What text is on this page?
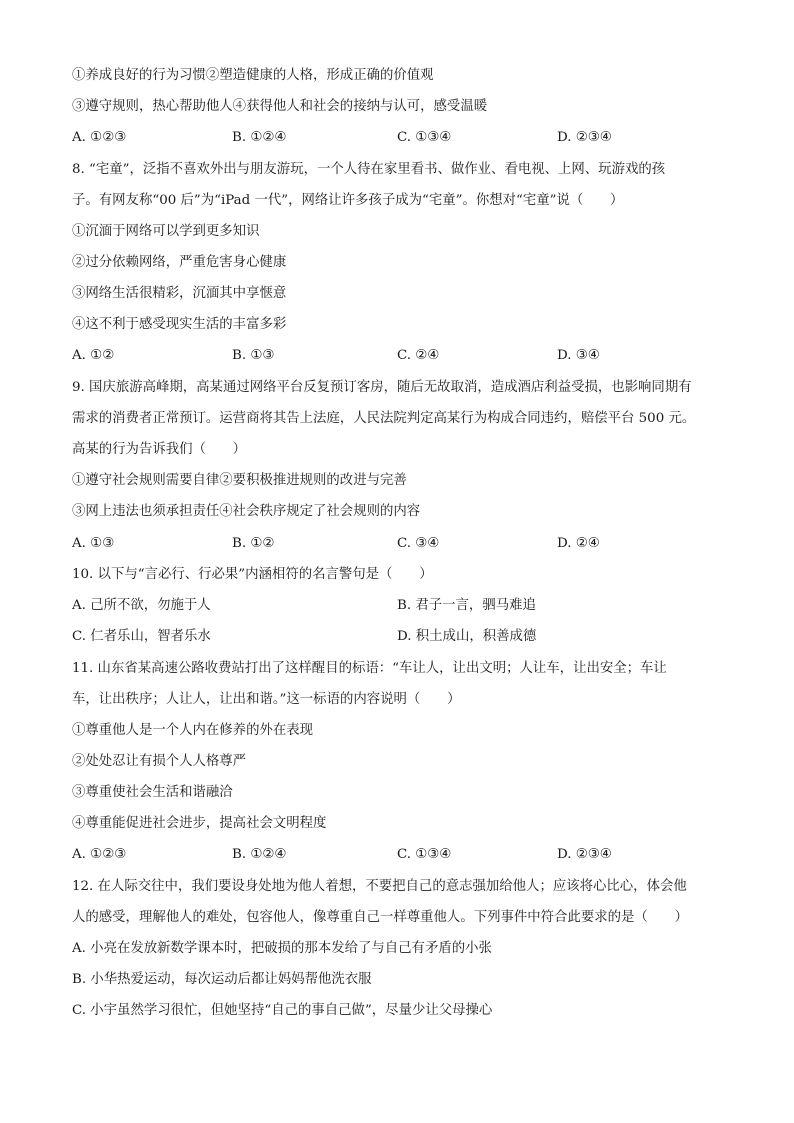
①养成良好的行为习惯②塑造健康的人格，形成正确的价值观
③遵守规则，热心帮助他人④获得他人和社会的接纳与认可，感受温暖
A. ①②③	B. ①②④	C. ①③④	D. ②③④
8. “宅童”，泛指不喜欢外出与朋友游玩，一个人待在家里看书、做作业、看电视、上网、玩游戏的孩
子。有网友称“00 后”为“iPad 一代”，网络让许多孩子成为“宅童”。你想对“宅童”说（　　）
①沉湎于网络可以学到更多知识
②过分依赖网络，严重危害身心健康
③网络生活很精彩，沉湎其中享惬意
④这不利于感受现实生活的丰富多彩
A. ①②	B. ①③	C. ②④	D. ③④
9. 国庆旅游高峰期，高某通过网络平台反复预订客房，随后无故取消，造成酒店利益受损，也影响同期有
需求的消费者正常预订。运营商将其告上法庭，人民法院判定高某行为构成合同违约，赔偿平台 500 元。
高某的行为告诉我们（　　）
①遵守社会规则需要自律②要积极推进规则的改进与完善
③网上违法也须承担责任④社会秩序规定了社会规则的内容
A. ①③	B. ①②	C. ③④	D. ②④
10. 以下与“言必行、行必果”内涵相符的名言警句是（　　）
A. 己所不欲，勿施于人	B. 君子一言，驷马难追
C. 仁者乐山，智者乐水	D. 积土成山，积善成德
11. 山东省某高速公路收费站打出了这样醒目的标语：“车让人，让出文明；人让车，让出安全；车让
车，让出秩序；人让人，让出和谐。”这一标语的内容说明（　　）
①尊重他人是一个人内在修养的外在表现
②处处忍让有损个人人格尊严
③尊重使社会生活和谐融洽
④尊重能促进社会进步，提高社会文明程度
A. ①②③	B. ①②④	C. ①③④	D. ②③④
12. 在人际交往中，我们要设身处地为他人着想，不要把自己的意志强加给他人；应该将心比心，体会他
人的感受，理解他人的难处，包容他人，像尊重自己一样尊重他人。下列事件中符合此要求的是（　　）
A. 小亮在发放新数学课本时，把破损的那本发给了与自己有矛盾的小张
B. 小华热爱运动，每次运动后都让妈妈帮他洗衣服
C. 小宇虽然学习很忙，但她坚持“自己的事自己做”，尽量少让父母操心
